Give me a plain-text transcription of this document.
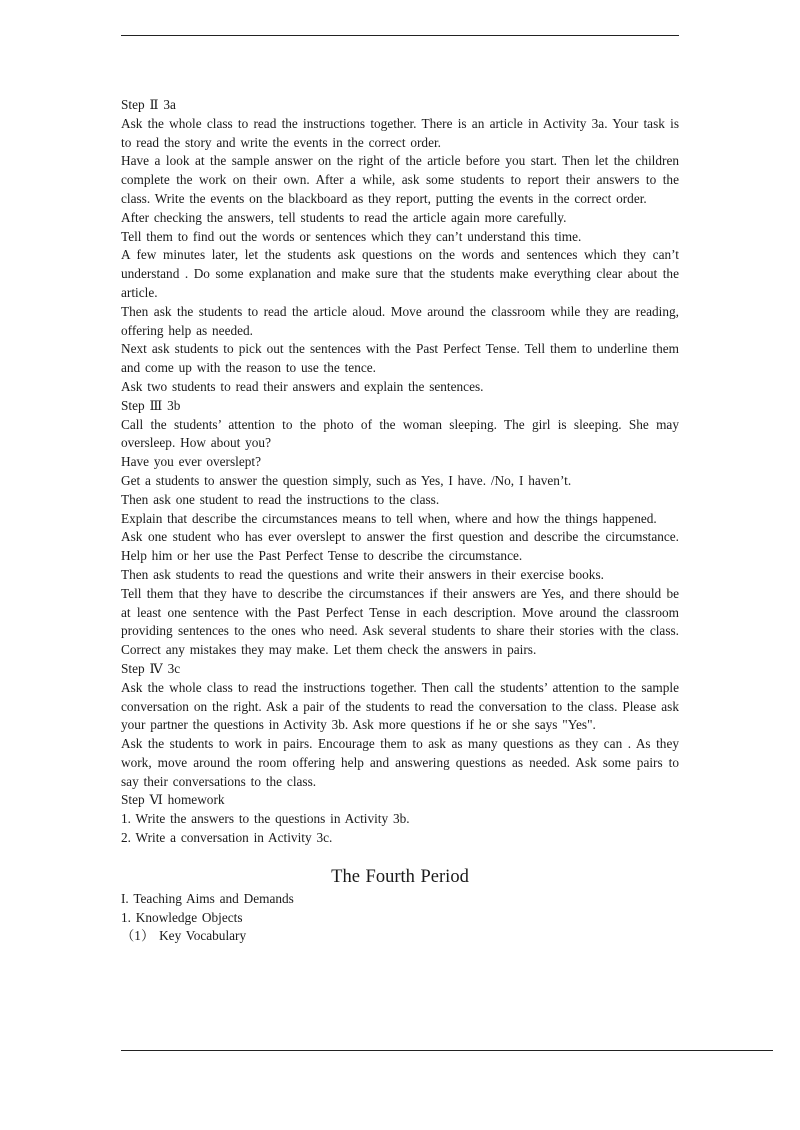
Step Ⅱ 3a

Ask the whole class to read the instructions together. There is an article in Activity 3a. Your task is to read the story and write the events in the correct order.

Have a look at the sample answer on the right of the article before you start. Then let the children complete the work on their own. After a while, ask some students to report their answers to the class. Write the events on the blackboard as they report, putting the events in the correct order.

After checking the answers, tell students to read the article again more carefully.

Tell them to find out the words or sentences which they can’t understand this time.

A few minutes later, let the students ask questions on the words and sentences which they can’t understand . Do some explanation and make sure that the students make everything clear about the article.

Then ask the students to read the article aloud. Move around the classroom while they are reading, offering help as needed.

Next ask students to pick out the sentences with the Past Perfect Tense. Tell them to underline them and come up with the reason to use the tence.

Ask two students to read their answers and explain the sentences.

Step Ⅲ 3b

Call the students’ attention to the photo of the woman sleeping. The girl is sleeping. She may oversleep. How about you?

Have you ever overslept?

Get a students to answer the question simply, such as Yes, I have. /No, I haven’t.

Then ask one student to read the instructions to the class.

Explain that describe the circumstances means to tell when, where and how the things happened.

Ask one student who has ever overslept to answer the first question and describe the circumstance. Help him or her use the Past Perfect Tense to describe the circumstance.

Then ask students to read the questions and write their answers in their exercise books.

Tell them that they have to describe the circumstances if their answers are Yes, and there should be at least one sentence with the Past Perfect Tense in each description. Move around the classroom providing sentences to the ones who need. Ask several students to share their stories with the class. Correct any mistakes they may make. Let them check the answers in pairs.

Step Ⅳ 3c

Ask the whole class to read the instructions together. Then call the students’ attention to the sample conversation on the right. Ask a pair of the students to read the conversation to the class. Please ask your partner the questions in Activity 3b. Ask more questions if he or she says "Yes".

Ask the students to work in pairs. Encourage them to ask as many questions as they can . As they work, move around the room offering help and answering questions as needed. Ask some pairs to say their conversations to the class.

Step Ⅵ homework

1. Write the answers to the questions in Activity 3b.

2. Write a conversation in Activity 3c.

The Fourth Period

I. Teaching Aims and Demands

1. Knowledge Objects

（1） Key Vocabulary
